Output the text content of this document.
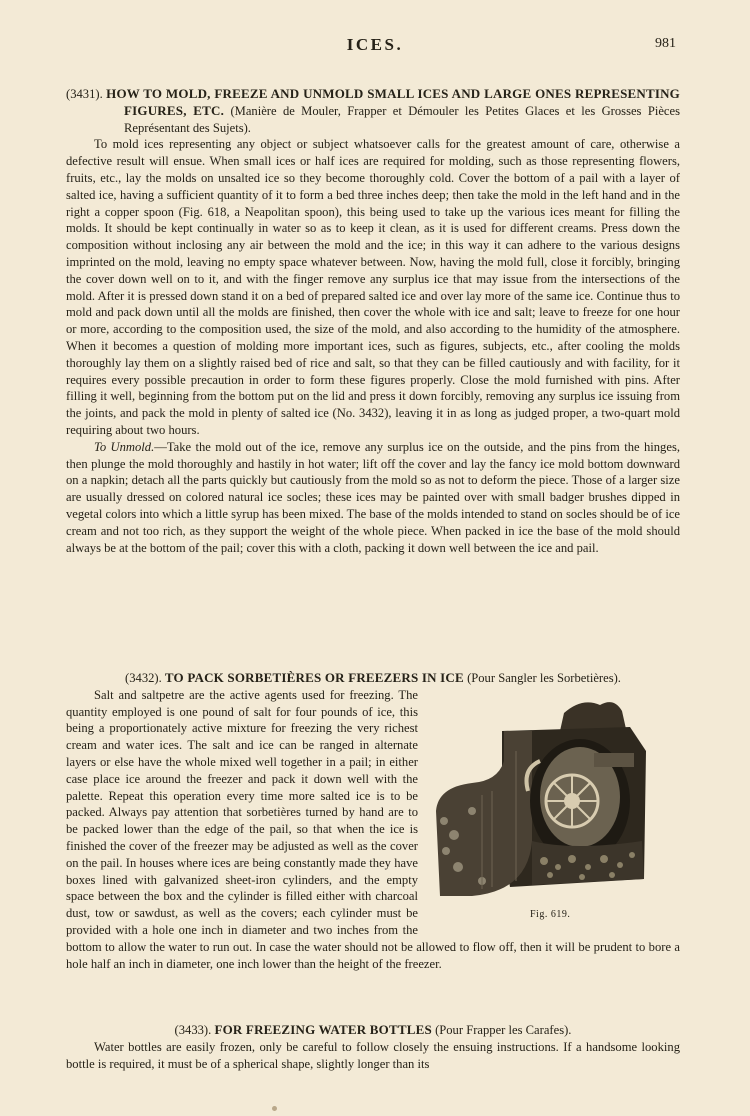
ICES.	981

(3431). HOW TO MOLD, FREEZE AND UNMOLD SMALL ICES AND LARGE ONES REPRESENTING FIGURES, ETC. (Manière de Mouler, Frapper et Démouler les Petites Glaces et les Grosses Pièces Représentant des Sujets).

To mold ices representing any object or subject whatsoever calls for the greatest amount of care, otherwise a defective result will ensue. When small ices or half ices are required for molding, such as those representing flowers, fruits, etc., lay the molds on unsalted ice so they become thoroughly cold. Cover the bottom of a pail with a layer of salted ice, having a sufficient quantity of it to form a bed three inches deep; then take the mold in the left hand and in the right a copper spoon (Fig. 618, a Neapolitan spoon), this being used to take up the various ices meant for filling the molds. It should be kept continually in water so as to keep it clean, as it is used for different creams. Press down the composition without inclosing any air between the mold and the ice; in this way it can adhere to the various designs imprinted on the mold, leaving no empty space whatever between. Now, having the mold full, close it forcibly, bringing the cover down well on to it, and with the finger remove any surplus ice that may issue from the intersections of the mold. After it is pressed down stand it on a bed of prepared salted ice and over lay more of the same ice. Continue thus to mold and pack down until all the molds are finished, then cover the whole with ice and salt; leave to freeze for one hour or more, according to the composition used, the size of the mold, and also according to the humidity of the atmosphere. When it becomes a question of molding more important ices, such as figures, subjects, etc., after cooling the molds thoroughly lay them on a slightly raised bed of rice and salt, so that they can be filled cautiously and with facility, for it requires every possible precaution in order to form these figures properly. Close the mold furnished with pins. After filling it well, beginning from the bottom put on the lid and press it down forcibly, removing any surplus ice issuing from the joints, and pack the mold in plenty of salted ice (No. 3432), leaving it in as long as judged proper, a two-quart mold requiring about two hours.

To Unmold.—Take the mold out of the ice, remove any surplus ice on the outside, and the pins from the hinges, then plunge the mold thoroughly and hastily in hot water; lift off the cover and lay the fancy ice mold bottom downward on a napkin; detach all the parts quickly but cautiously from the mold so as not to deform the piece. Those of a larger size are usually dressed on colored natural ice socles; these ices may be painted over with small badger brushes dipped in vegetal colors into which a little syrup has been mixed. The base of the molds intended to stand on socles should be of ice cream and not too rich, as they support the weight of the whole piece. When packed in ice the base of the mold should always be at the bottom of the pail; cover this with a cloth, packing it down well between the ice and pail.

(3432). TO PACK SORBETIÈRES OR FREEZERS IN ICE (Pour Sangler les Sorbetières).

Fig. 619.

Salt and saltpetre are the active agents used for freezing. The quantity employed is one pound of salt for four pounds of ice, this being a proportionately active mixture for freezing the very richest cream and water ices. The salt and ice can be ranged in alternate layers or else have the whole mixed well together in a pail; in either case place ice around the freezer and pack it down well with the palette. Repeat this operation every time more salted ice is to be packed. Always pay attention that sorbetières turned by hand are to be packed lower than the edge of the pail, so that when the ice is finished the cover of the freezer may be adjusted as well as the cover on the pail. In houses where ices are being constantly made they have boxes lined with galvanized sheet-iron cylinders, and the empty space between the box and the cylinder is filled either with charcoal dust, tow or sawdust, as well as the covers; each cylinder must be provided with a hole one inch in diameter and two inches from the bottom to allow the water to run out. In case the water should not be allowed to flow off, then it will be prudent to bore a hole half an inch in diameter, one inch lower than the height of the freezer.

(3433). FOR FREEZING WATER BOTTLES (Pour Frapper les Carafes).

Water bottles are easily frozen, only be careful to follow closely the ensuing instructions. If a handsome looking bottle is required, it must be of a spherical shape, slightly longer than its
